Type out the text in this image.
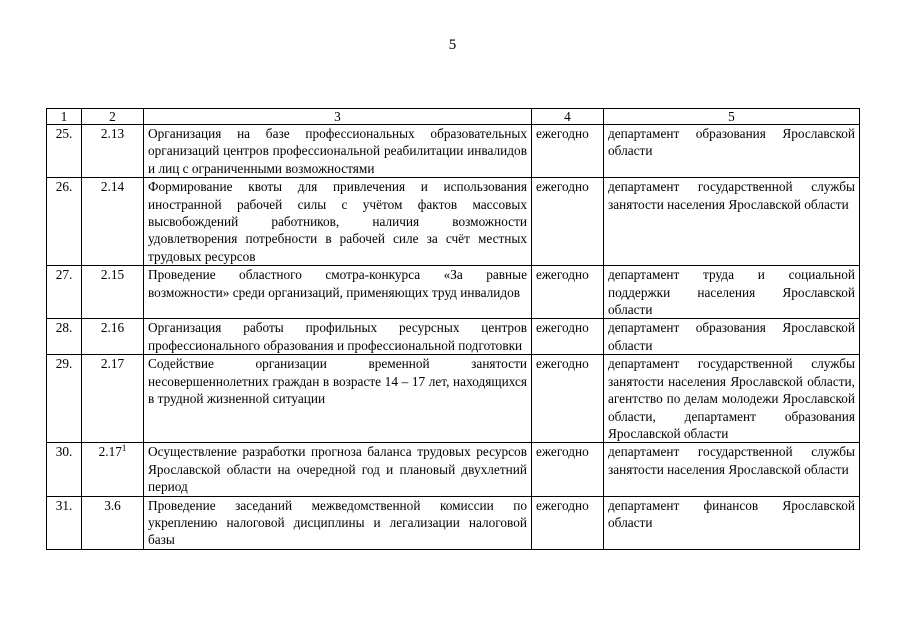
5
1	2	3	4	5
25.	2.13	Организация на базе профессиональных образовательных организаций центров профессиональной реабилитации инвалидов и лиц с ограниченными возможностями	ежегодно	департамент образования Ярославской области
26.	2.14	Формирование квоты для привлечения и использования иностранной рабочей силы с учётом фактов массовых высвобождений работников, наличия возможности удовлетворения потребности в рабочей силе за счёт местных трудовых ресурсов	ежегодно	департамент государственной службы занятости населения Ярославской области
27.	2.15	Проведение областного смотра-конкурса «За равные возможности» среди организаций, применяющих труд инвалидов	ежегодно	департамент труда и социальной поддержки населения Ярославской области
28.	2.16	Организация работы профильных ресурсных центров профессионального образования и профессиональной подготовки	ежегодно	департамент образования Ярославской области
29.	2.17	Содействие организации временной занятости несовершеннолетних граждан в возрасте 14 – 17 лет, находящихся в трудной жизненной ситуации	ежегодно	департамент государственной службы занятости населения Ярославской области, агентство по делам молодежи Ярославской области, департамент образования Ярославской области
30.	2.17$^1$	Осуществление разработки прогноза баланса трудовых ресурсов Ярославской области на очередной год и плановый двухлетний период	ежегодно	департамент государственной службы занятости населения Ярославской области
31.	3.6	Проведение заседаний межведомственной комиссии по укреплению налоговой дисциплины и легализации налоговой базы	ежегодно	департамент финансов Ярославской области
